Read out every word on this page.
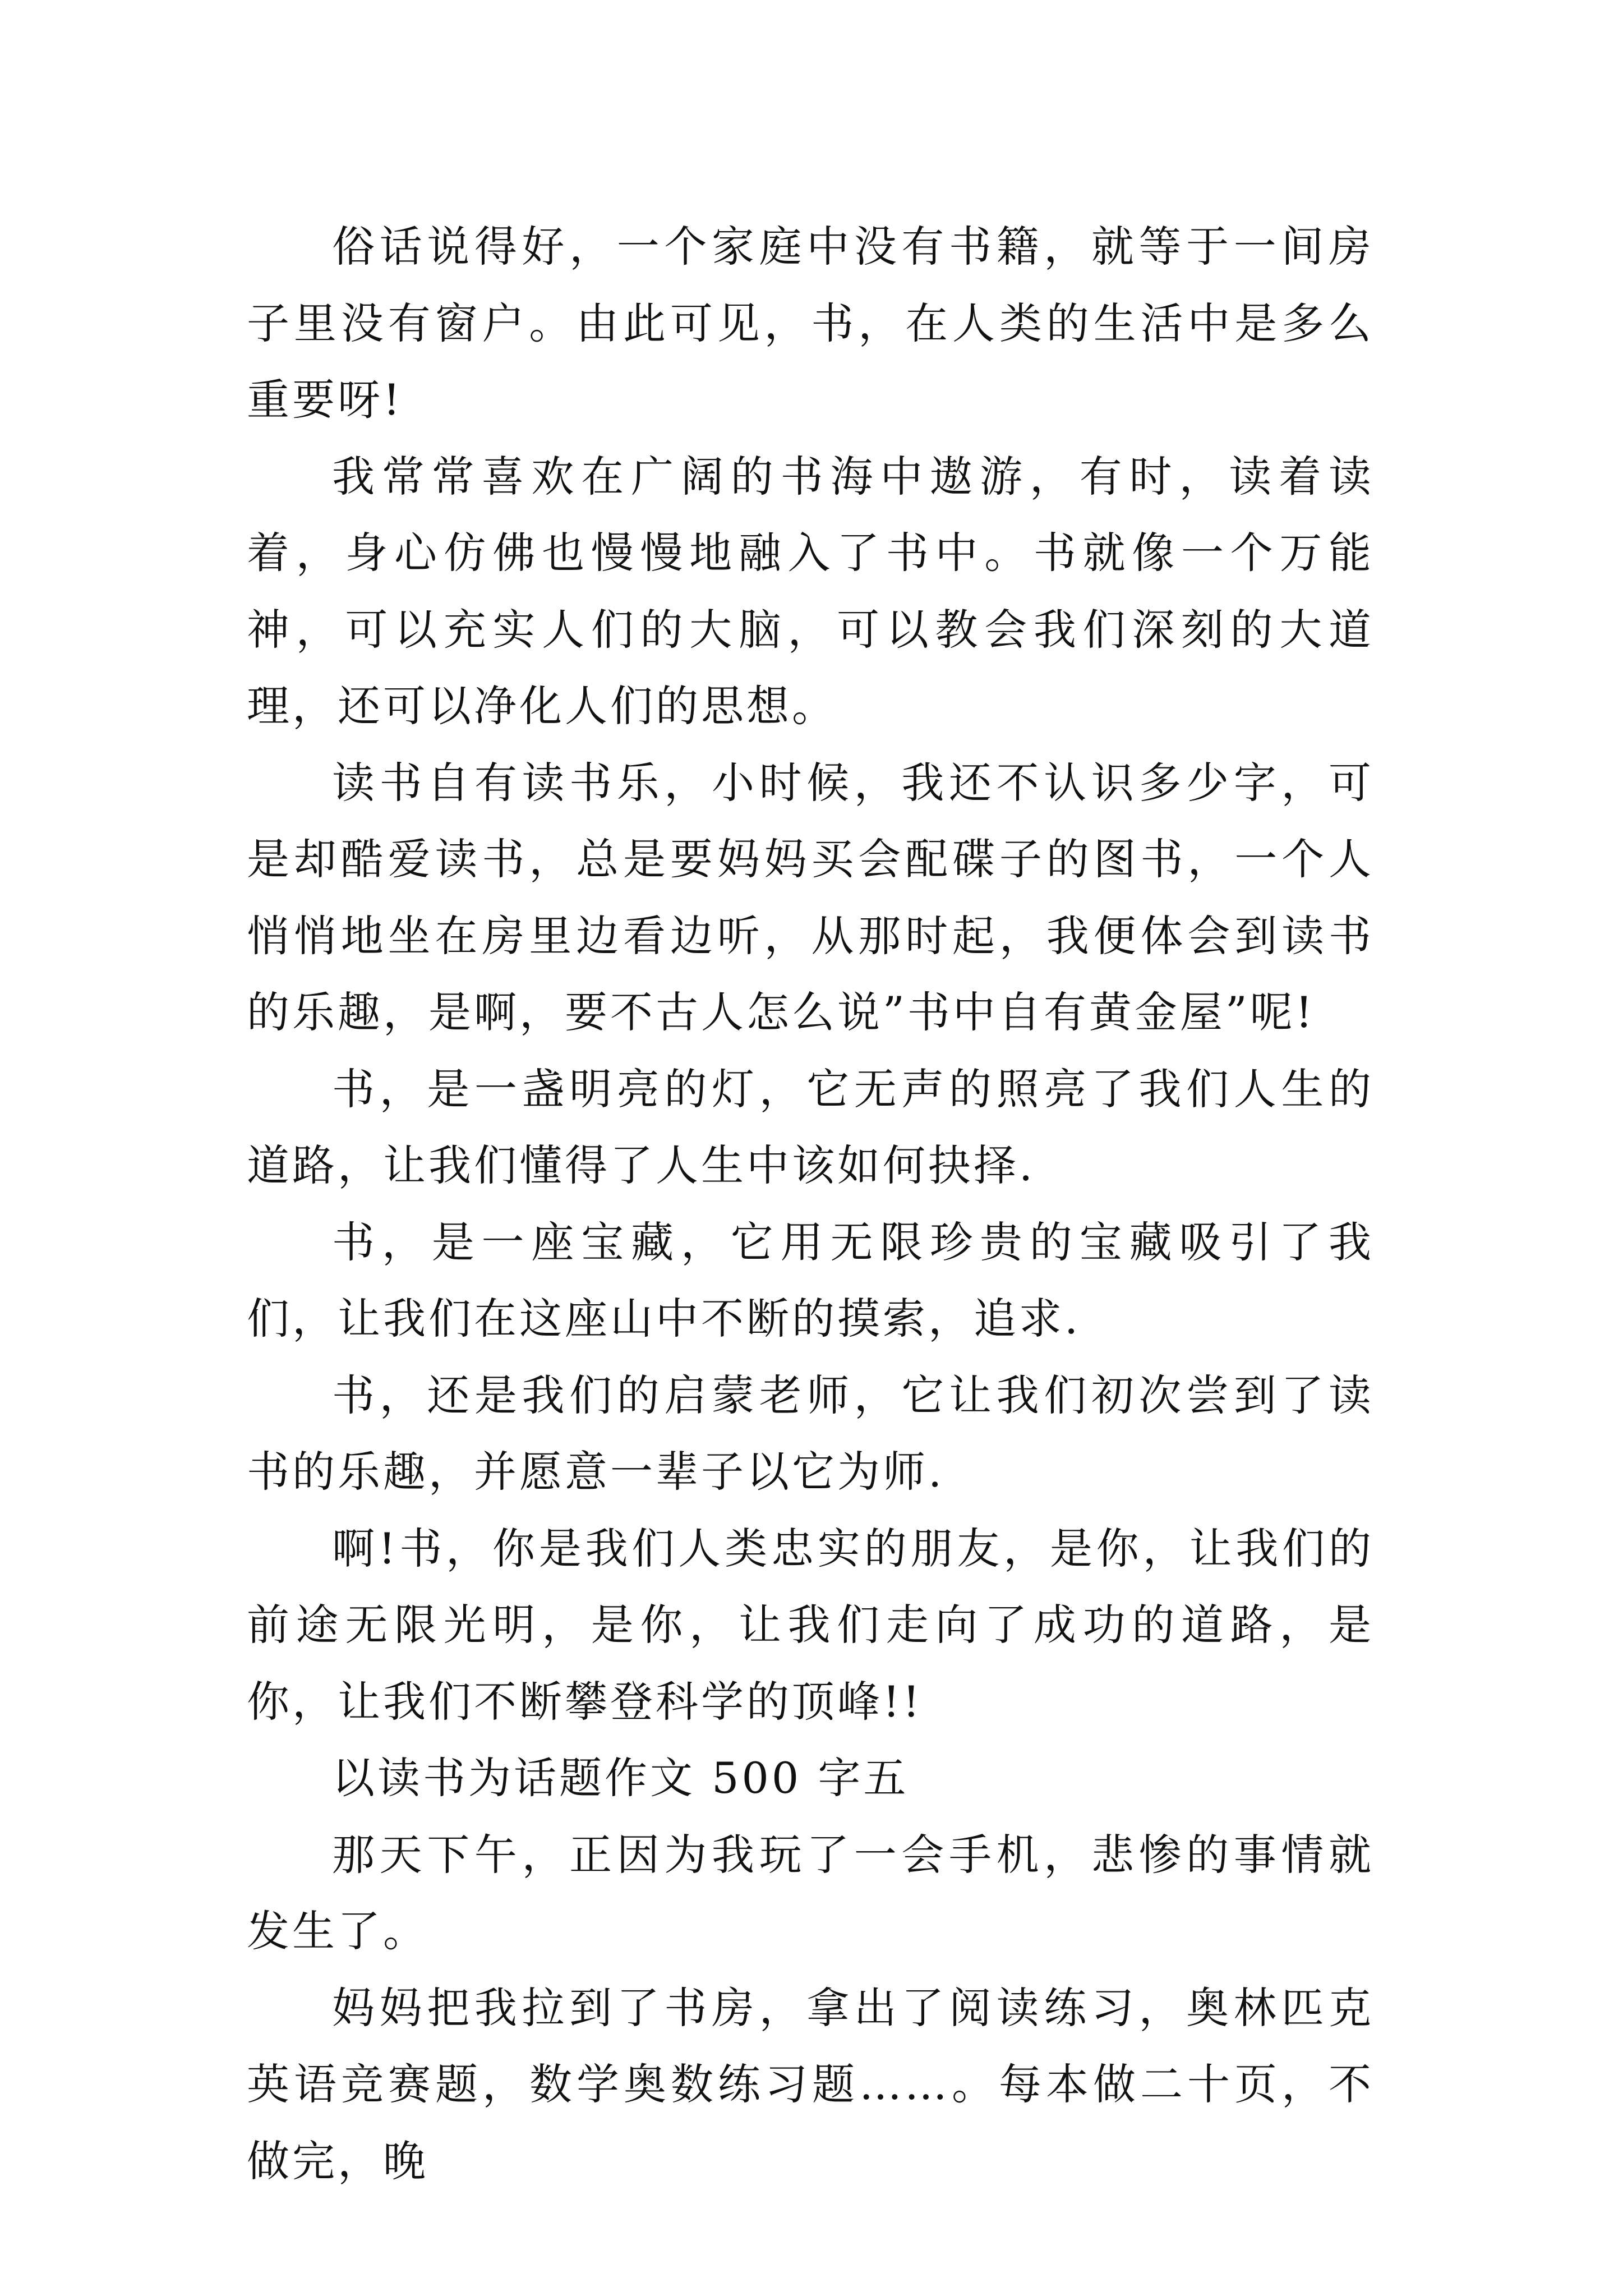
俗话说得好，一个家庭中没有书籍，就等于一间房子里没有窗户。由此可见，书，在人类的生活中是多么重要呀!

我常常喜欢在广阔的书海中遨游，有时，读着读着，身心仿佛也慢慢地融入了书中。书就像一个万能神，可以充实人们的大脑，可以教会我们深刻的大道理，还可以净化人们的思想。

读书自有读书乐，小时候，我还不认识多少字，可是却酷爱读书，总是要妈妈买会配碟子的图书，一个人悄悄地坐在房里边看边听，从那时起，我便体会到读书的乐趣，是啊，要不古人怎么说”书中自有黄金屋”呢!

书，是一盏明亮的灯，它无声的照亮了我们人生的道路，让我们懂得了人生中该如何抉择.

书，是一座宝藏，它用无限珍贵的宝藏吸引了我们，让我们在这座山中不断的摸索，追求.

书，还是我们的启蒙老师，它让我们初次尝到了读书的乐趣，并愿意一辈子以它为师.

啊!书，你是我们人类忠实的朋友，是你，让我们的前途无限光明，是你，让我们走向了成功的道路，是你，让我们不断攀登科学的顶峰!!

以读书为话题作文 500 字五

那天下午，正因为我玩了一会手机，悲惨的事情就发生了。

妈妈把我拉到了书房，拿出了阅读练习，奥林匹克英语竞赛题，数学奥数练习题……。每本做二十页，不做完，晚
